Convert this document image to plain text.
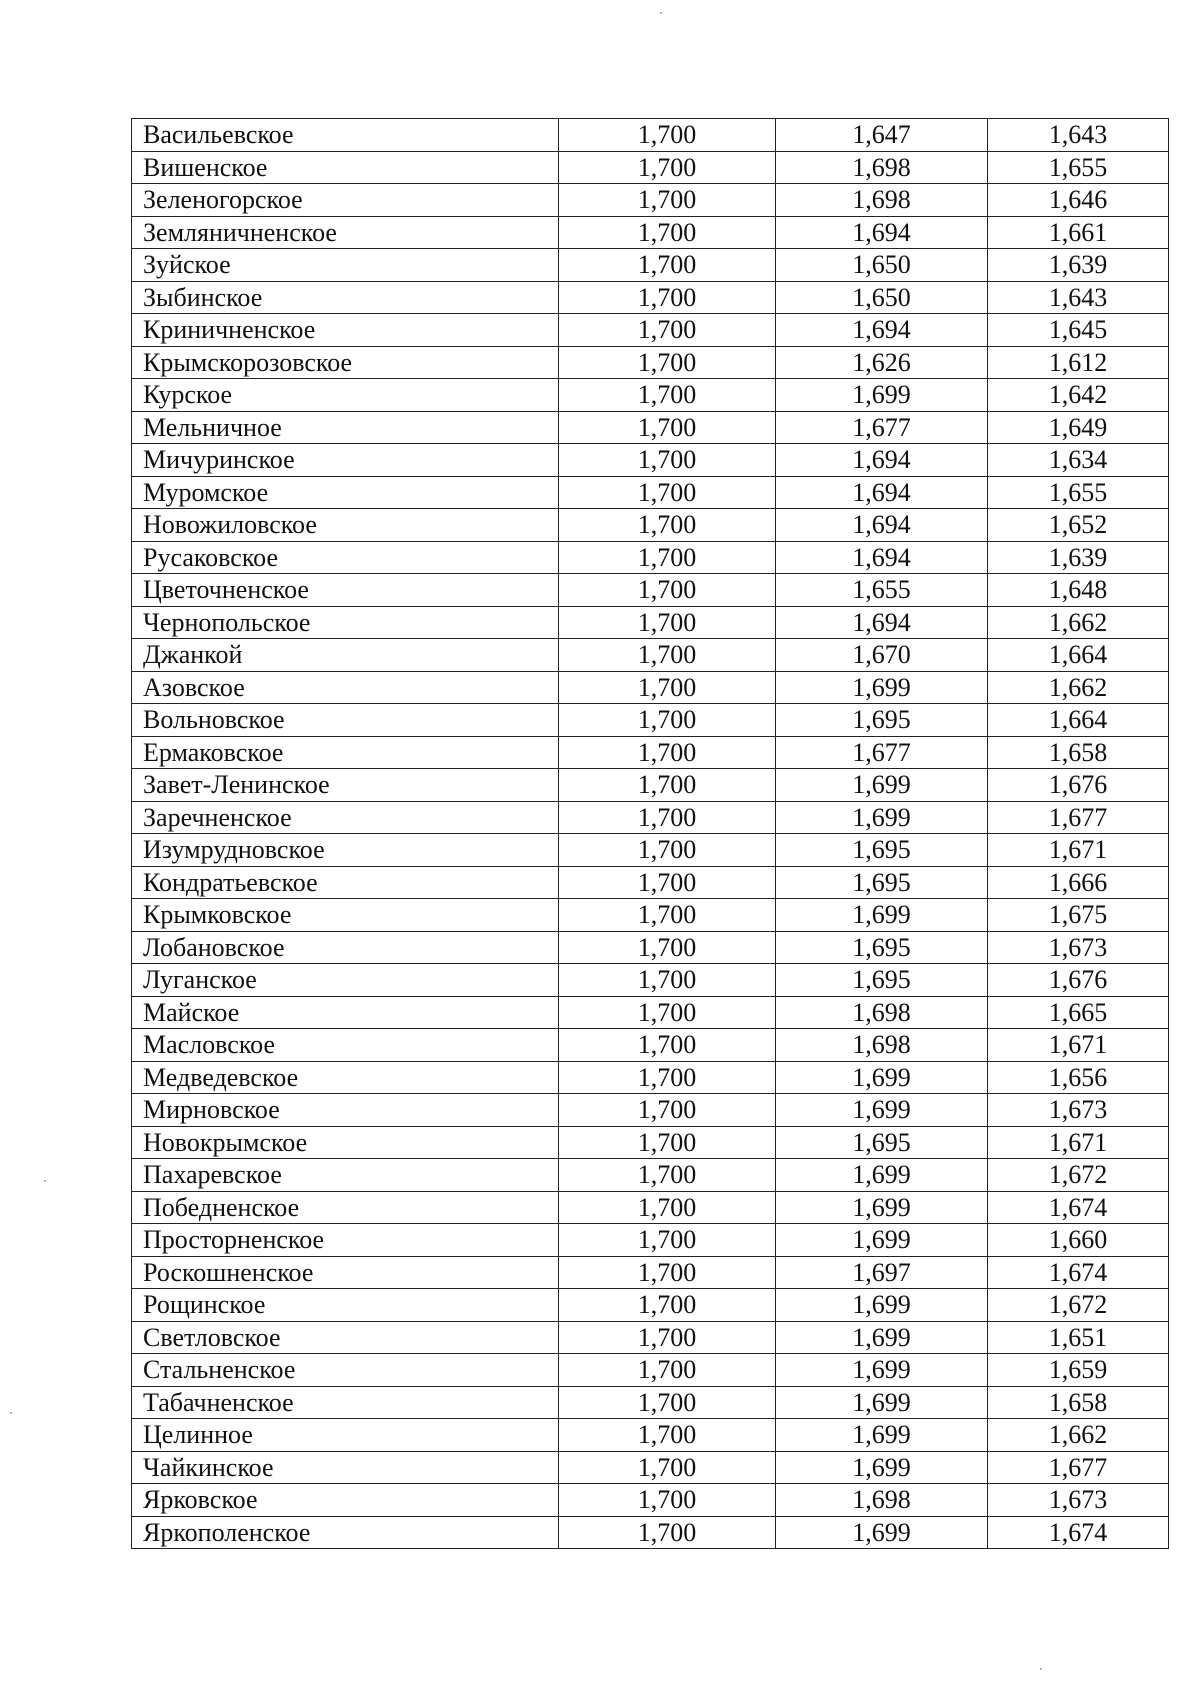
Васильевское	1,700	1,647	1,643
Вишенское	1,700	1,698	1,655
Зеленогорское	1,700	1,698	1,646
Земляничненское	1,700	1,694	1,661
Зуйское	1,700	1,650	1,639
Зыбинское	1,700	1,650	1,643
Криничненское	1,700	1,694	1,645
Крымскорозовское	1,700	1,626	1,612
Курское	1,700	1,699	1,642
Мельничное	1,700	1,677	1,649
Мичуринское	1,700	1,694	1,634
Муромское	1,700	1,694	1,655
Новожиловское	1,700	1,694	1,652
Русаковское	1,700	1,694	1,639
Цветочненское	1,700	1,655	1,648
Чернопольское	1,700	1,694	1,662
Джанкой	1,700	1,670	1,664
Азовское	1,700	1,699	1,662
Вольновское	1,700	1,695	1,664
Ермаковское	1,700	1,677	1,658
Завет-Ленинское	1,700	1,699	1,676
Заречненское	1,700	1,699	1,677
Изумрудновское	1,700	1,695	1,671
Кондратьевское	1,700	1,695	1,666
Крымковское	1,700	1,699	1,675
Лобановское	1,700	1,695	1,673
Луганское	1,700	1,695	1,676
Майское	1,700	1,698	1,665
Масловское	1,700	1,698	1,671
Медведевское	1,700	1,699	1,656
Мирновское	1,700	1,699	1,673
Новокрымское	1,700	1,695	1,671
Пахаревское	1,700	1,699	1,672
Победненское	1,700	1,699	1,674
Просторненское	1,700	1,699	1,660
Роскошненское	1,700	1,697	1,674
Рощинское	1,700	1,699	1,672
Светловское	1,700	1,699	1,651
Стальненское	1,700	1,699	1,659
Табачненское	1,700	1,699	1,658
Целинное	1,700	1,699	1,662
Чайкинское	1,700	1,699	1,677
Ярковское	1,700	1,698	1,673
Яркополенское	1,700	1,699	1,674
